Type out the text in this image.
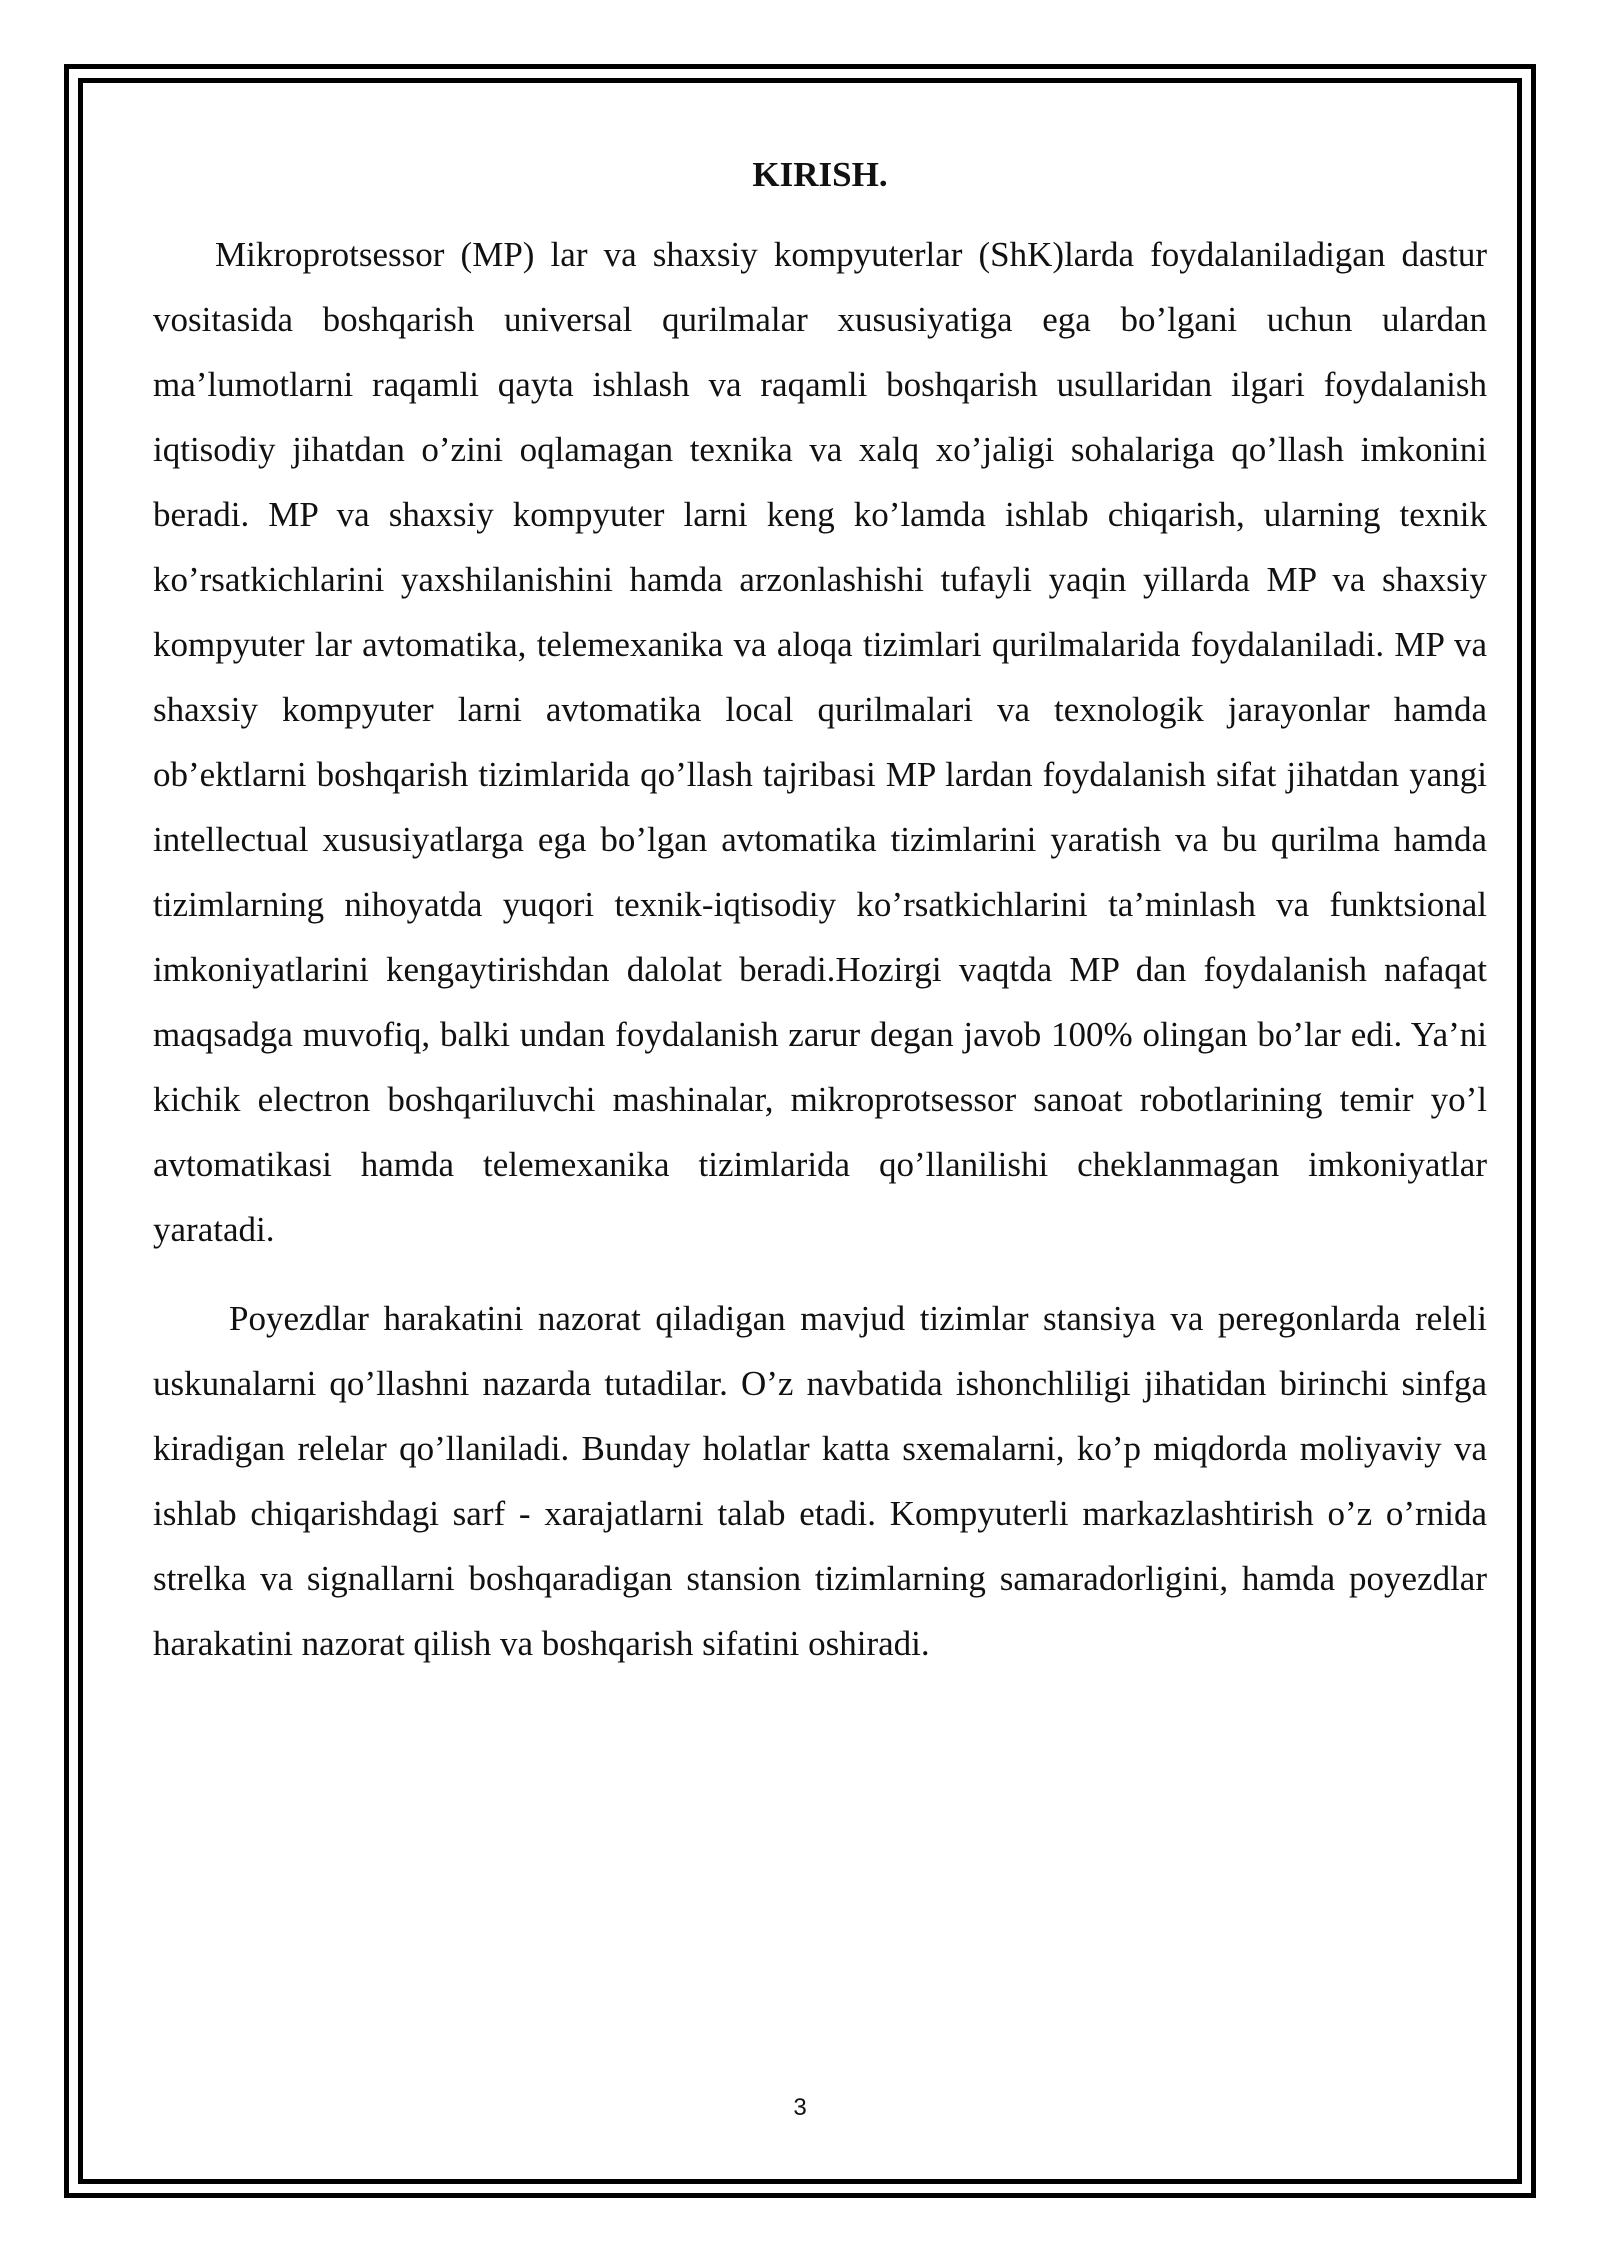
KIRISH.

Mikroprotsessor (MP) lar va shaxsiy kompyuterlar (ShK)larda foydalaniladigan dastur vositasida boshqarish universal qurilmalar xususiyatiga ega bo’lgani uchun ulardan ma’lumotlarni raqamli qayta ishlash va raqamli boshqarish usullaridan ilgari foydalanish iqtisodiy jihatdan o’zini oqlamagan texnika va xalq xo’jaligi sohalariga qo’llash imkonini beradi. MP va shaxsiy kompyuter larni keng ko’lamda ishlab chiqarish, ularning texnik ko’rsatkichlarini yaxshilanishini hamda arzonlashishi tufayli yaqin yillarda MP va shaxsiy kompyuter lar avtomatika, telemexanika va aloqa tizimlari qurilmalarida foydalaniladi. MP va shaxsiy kompyuter larni avtomatika local qurilmalari va texnologik jarayonlar hamda ob’ektlarni boshqarish tizimlarida qo’llash tajribasi MP lardan foydalanish sifat jihatdan yangi intellectual xususiyatlarga ega bo’lgan avtomatika tizimlarini yaratish va bu qurilma hamda tizimlarning nihoyatda yuqori texnik-iqtisodiy ko’rsatkichlarini ta’minlash va funktsional imkoniyatlarini kengaytirishdan dalolat beradi.Hozirgi vaqtda MP dan foydalanish nafaqat maqsadga muvofiq, balki undan foydalanish zarur degan javob 100% olingan bo’lar edi. Ya’ni kichik electron boshqariluvchi mashinalar, mikroprotsessor sanoat robotlarining temir yo’l avtomatikasi hamda telemexanika tizimlarida qo’llanilishi cheklanmagan imkoniyatlar yaratadi.

Poyezdlar harakatini nazorat qiladigan mavjud tizimlar stansiya va peregonlarda releli uskunalarni qo’llashni nazarda tutadilar. O’z navbatida ishonchliligi jihatidan birinchi sinfga kiradigan relelar qo’llaniladi. Bunday holatlar katta sxemalarni, ko’p miqdorda moliyaviy va ishlab chiqarishdagi sarf - xarajatlarni talab etadi. Kompyuterli markazlashtirish o’z o’rnida strelka va signallarni boshqaradigan stansion tizimlarning samaradorligini, hamda poyezdlar harakatini nazorat qilish va boshqarish sifatini oshiradi.

3
